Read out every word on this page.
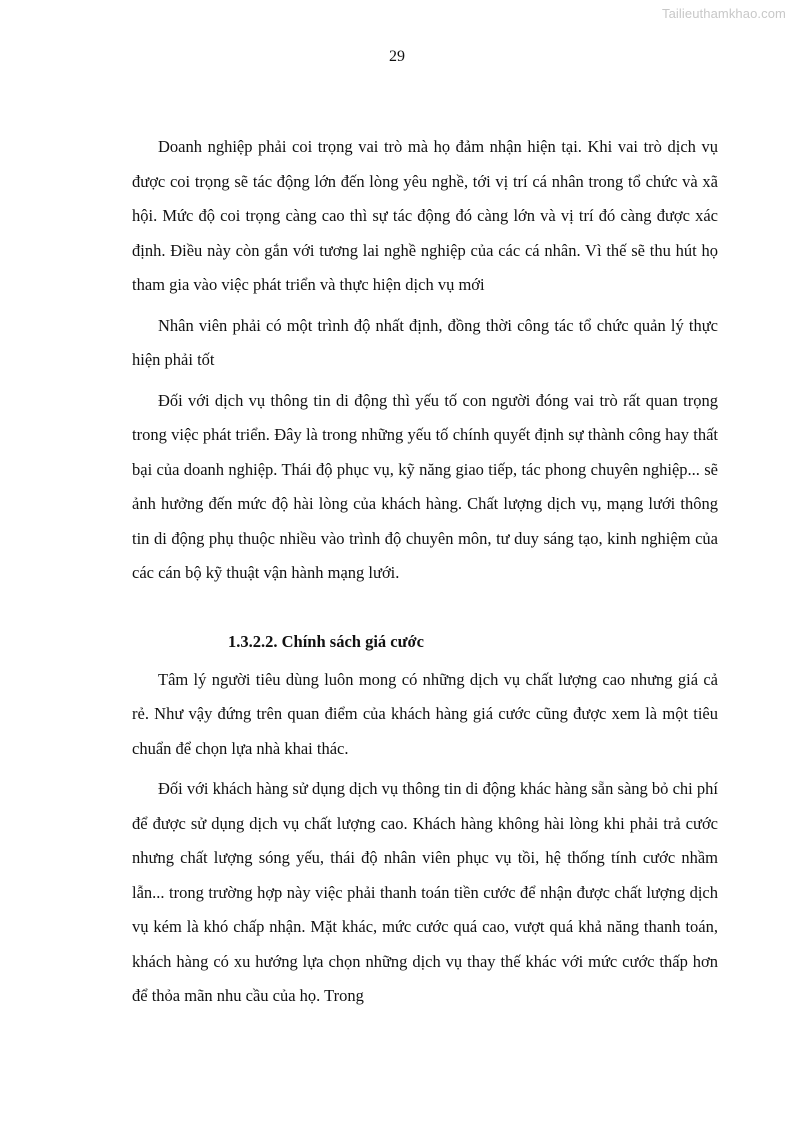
Tailieuthamkhao.com
29

Doanh nghiệp phải coi trọng vai trò mà họ đảm nhận hiện tại. Khi vai trò dịch vụ được coi trọng sẽ tác động lớn đến lòng yêu nghề, tới vị trí cá nhân trong tổ chức và xã hội. Mức độ coi trọng càng cao thì sự tác động đó càng lớn và vị trí đó càng được xác định. Điều này còn gắn với tương lai nghề nghiệp của các cá nhân. Vì thế sẽ thu hút họ tham gia vào việc phát triển và thực hiện dịch vụ mới

Nhân viên phải có một trình độ nhất định, đồng thời công tác tổ chức quản lý thực hiện phải tốt

Đối với dịch vụ thông tin di động thì yếu tố con người đóng vai trò rất quan trọng trong việc phát triển. Đây là trong những yếu tố chính quyết định sự thành công hay thất bại của doanh nghiệp. Thái độ phục vụ, kỹ năng giao tiếp, tác phong chuyên nghiệp... sẽ ảnh hưởng đến mức độ hài lòng của khách hàng. Chất lượng dịch vụ, mạng lưới thông tin di động phụ thuộc nhiều vào trình độ chuyên môn, tư duy sáng tạo, kinh nghiệm của các cán bộ kỹ thuật vận hành mạng lưới.

1.3.2.2. Chính sách giá cước

Tâm lý người tiêu dùng luôn mong có những dịch vụ chất lượng cao nhưng giá cả rẻ. Như vậy đứng trên quan điểm của khách hàng giá cước cũng được xem là một tiêu chuẩn để chọn lựa nhà khai thác.

Đối với khách hàng sử dụng dịch vụ thông tin di động khác hàng sẵn sàng bỏ chi phí để được sử dụng dịch vụ chất lượng cao. Khách hàng không hài lòng khi phải trả cước nhưng chất lượng sóng yếu, thái độ nhân viên phục vụ tồi, hệ thống tính cước nhầm lẫn... trong trường hợp này việc phải thanh toán tiền cước để nhận được chất lượng dịch vụ kém là khó chấp nhận. Mặt khác, mức cước quá cao, vượt quá khả năng thanh toán, khách hàng có xu hướng lựa chọn những dịch vụ thay thế khác với mức cước thấp hơn để thỏa mãn nhu cầu của họ. Trong
